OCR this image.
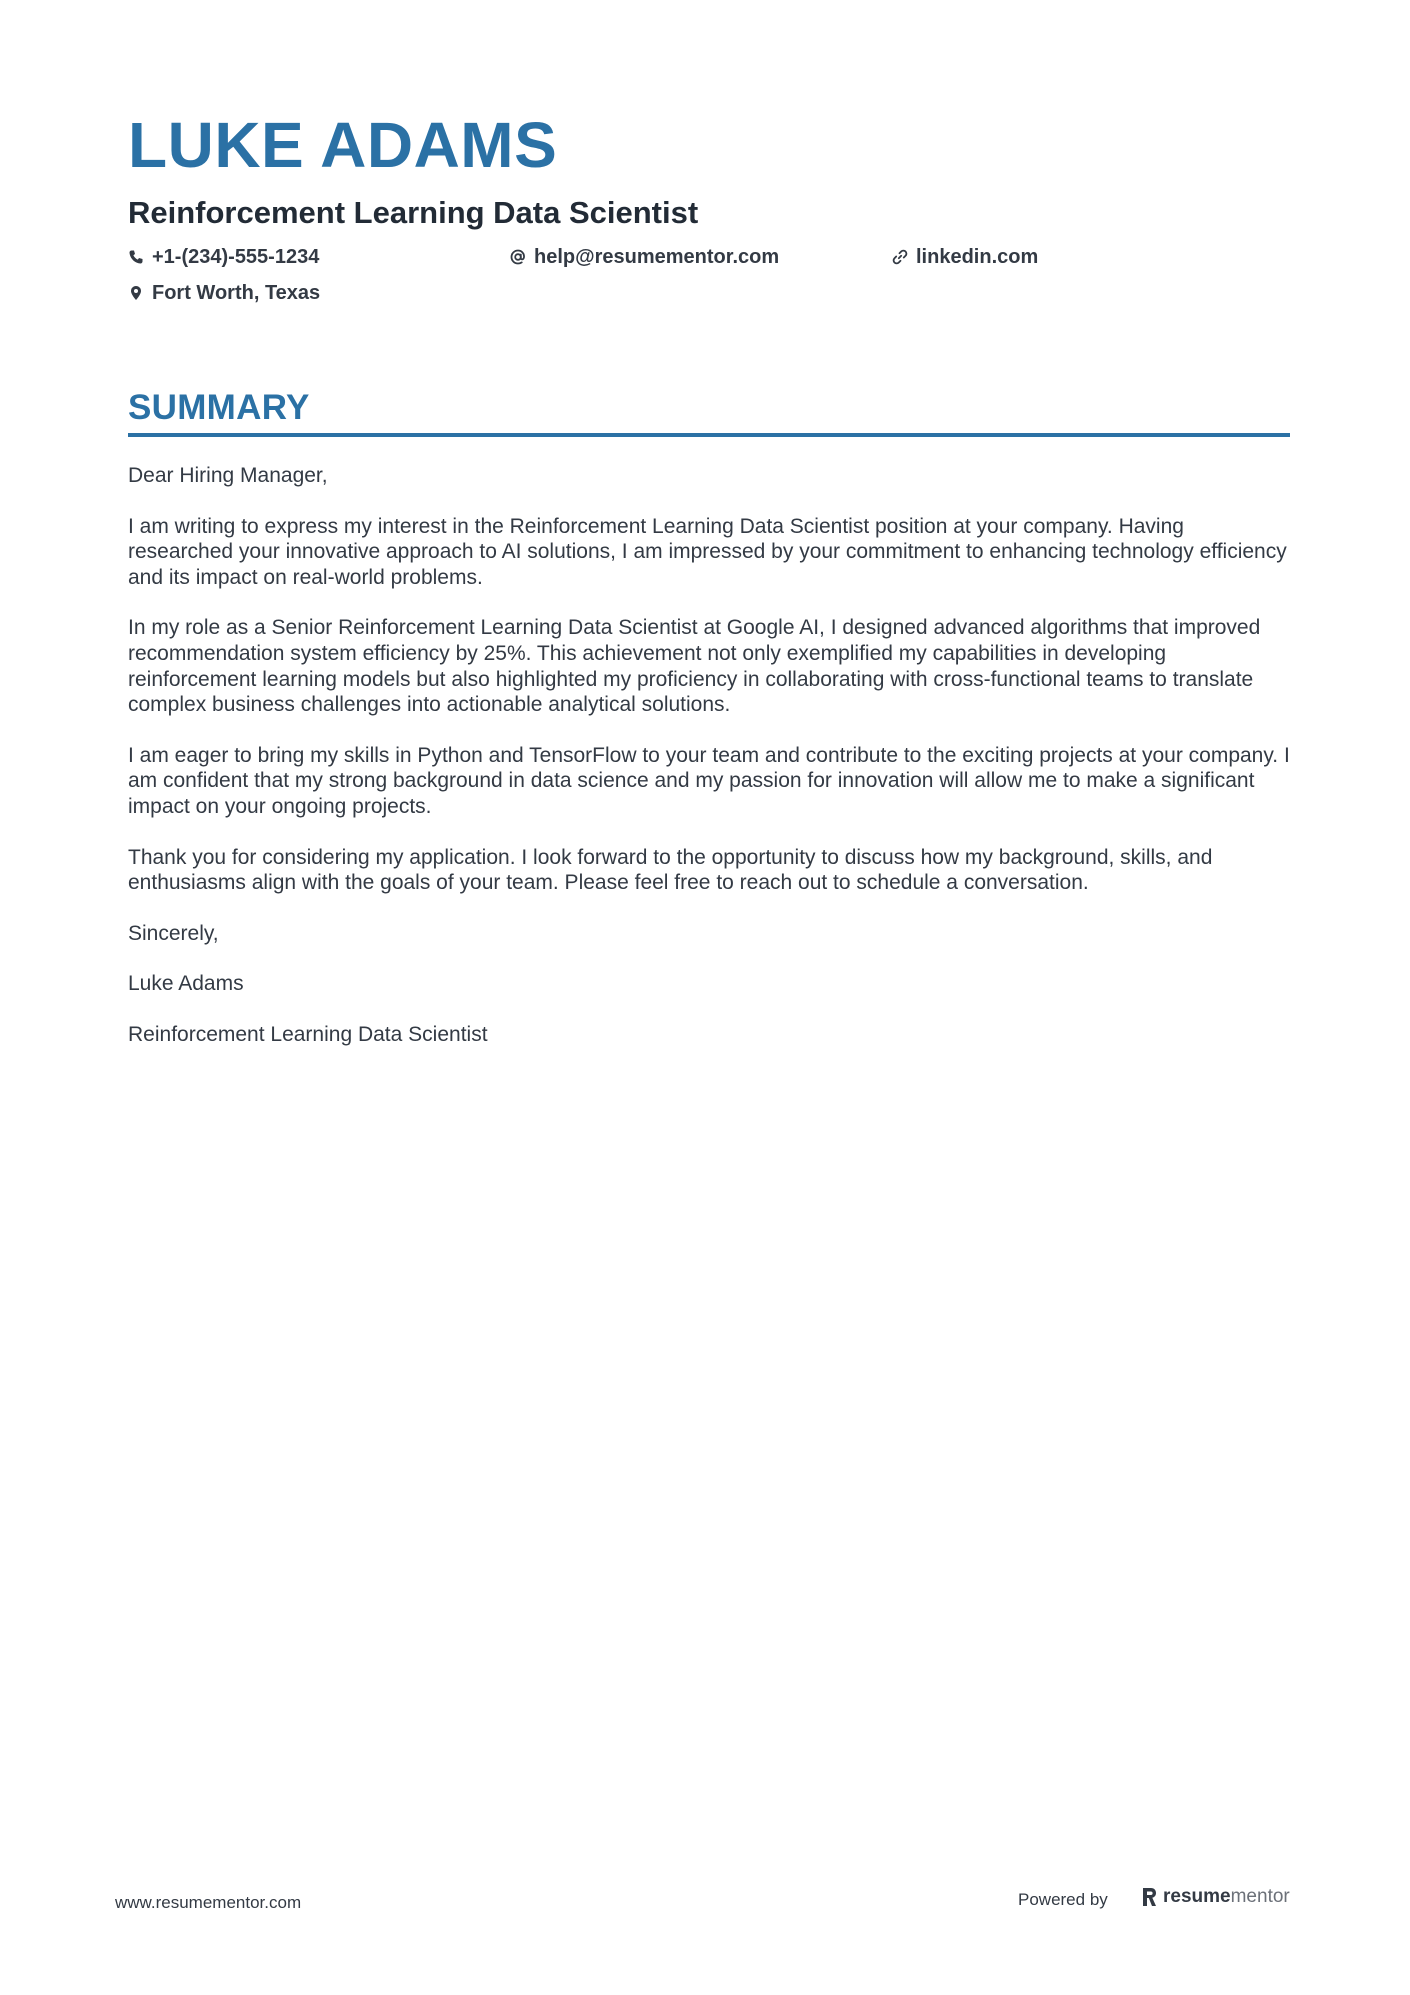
LUKE ADAMS
Reinforcement Learning Data Scientist
+1-(234)-555-1234	help@resumementor.com	linkedin.com
Fort Worth, Texas
SUMMARY

Dear Hiring Manager,

I am writing to express my interest in the Reinforcement Learning Data Scientist position at your company. Having researched your innovative approach to AI solutions, I am impressed by your commitment to enhancing technology efficiency and its impact on real-world problems.

In my role as a Senior Reinforcement Learning Data Scientist at Google AI, I designed advanced algorithms that improved recommendation system efficiency by 25%. This achievement not only exemplified my capabilities in developing reinforcement learning models but also highlighted my proficiency in collaborating with cross-functional teams to translate complex business challenges into actionable analytical solutions.

I am eager to bring my skills in Python and TensorFlow to your team and contribute to the exciting projects at your company. I am confident that my strong background in data science and my passion for innovation will allow me to make a significant impact on your ongoing projects.

Thank you for considering my application. I look forward to the opportunity to discuss how my background, skills, and enthusiasms align with the goals of your team. Please feel free to reach out to schedule a conversation.

Sincerely,

Luke Adams

Reinforcement Learning Data Scientist

www.resumementor.com	Powered by	resume mentor
